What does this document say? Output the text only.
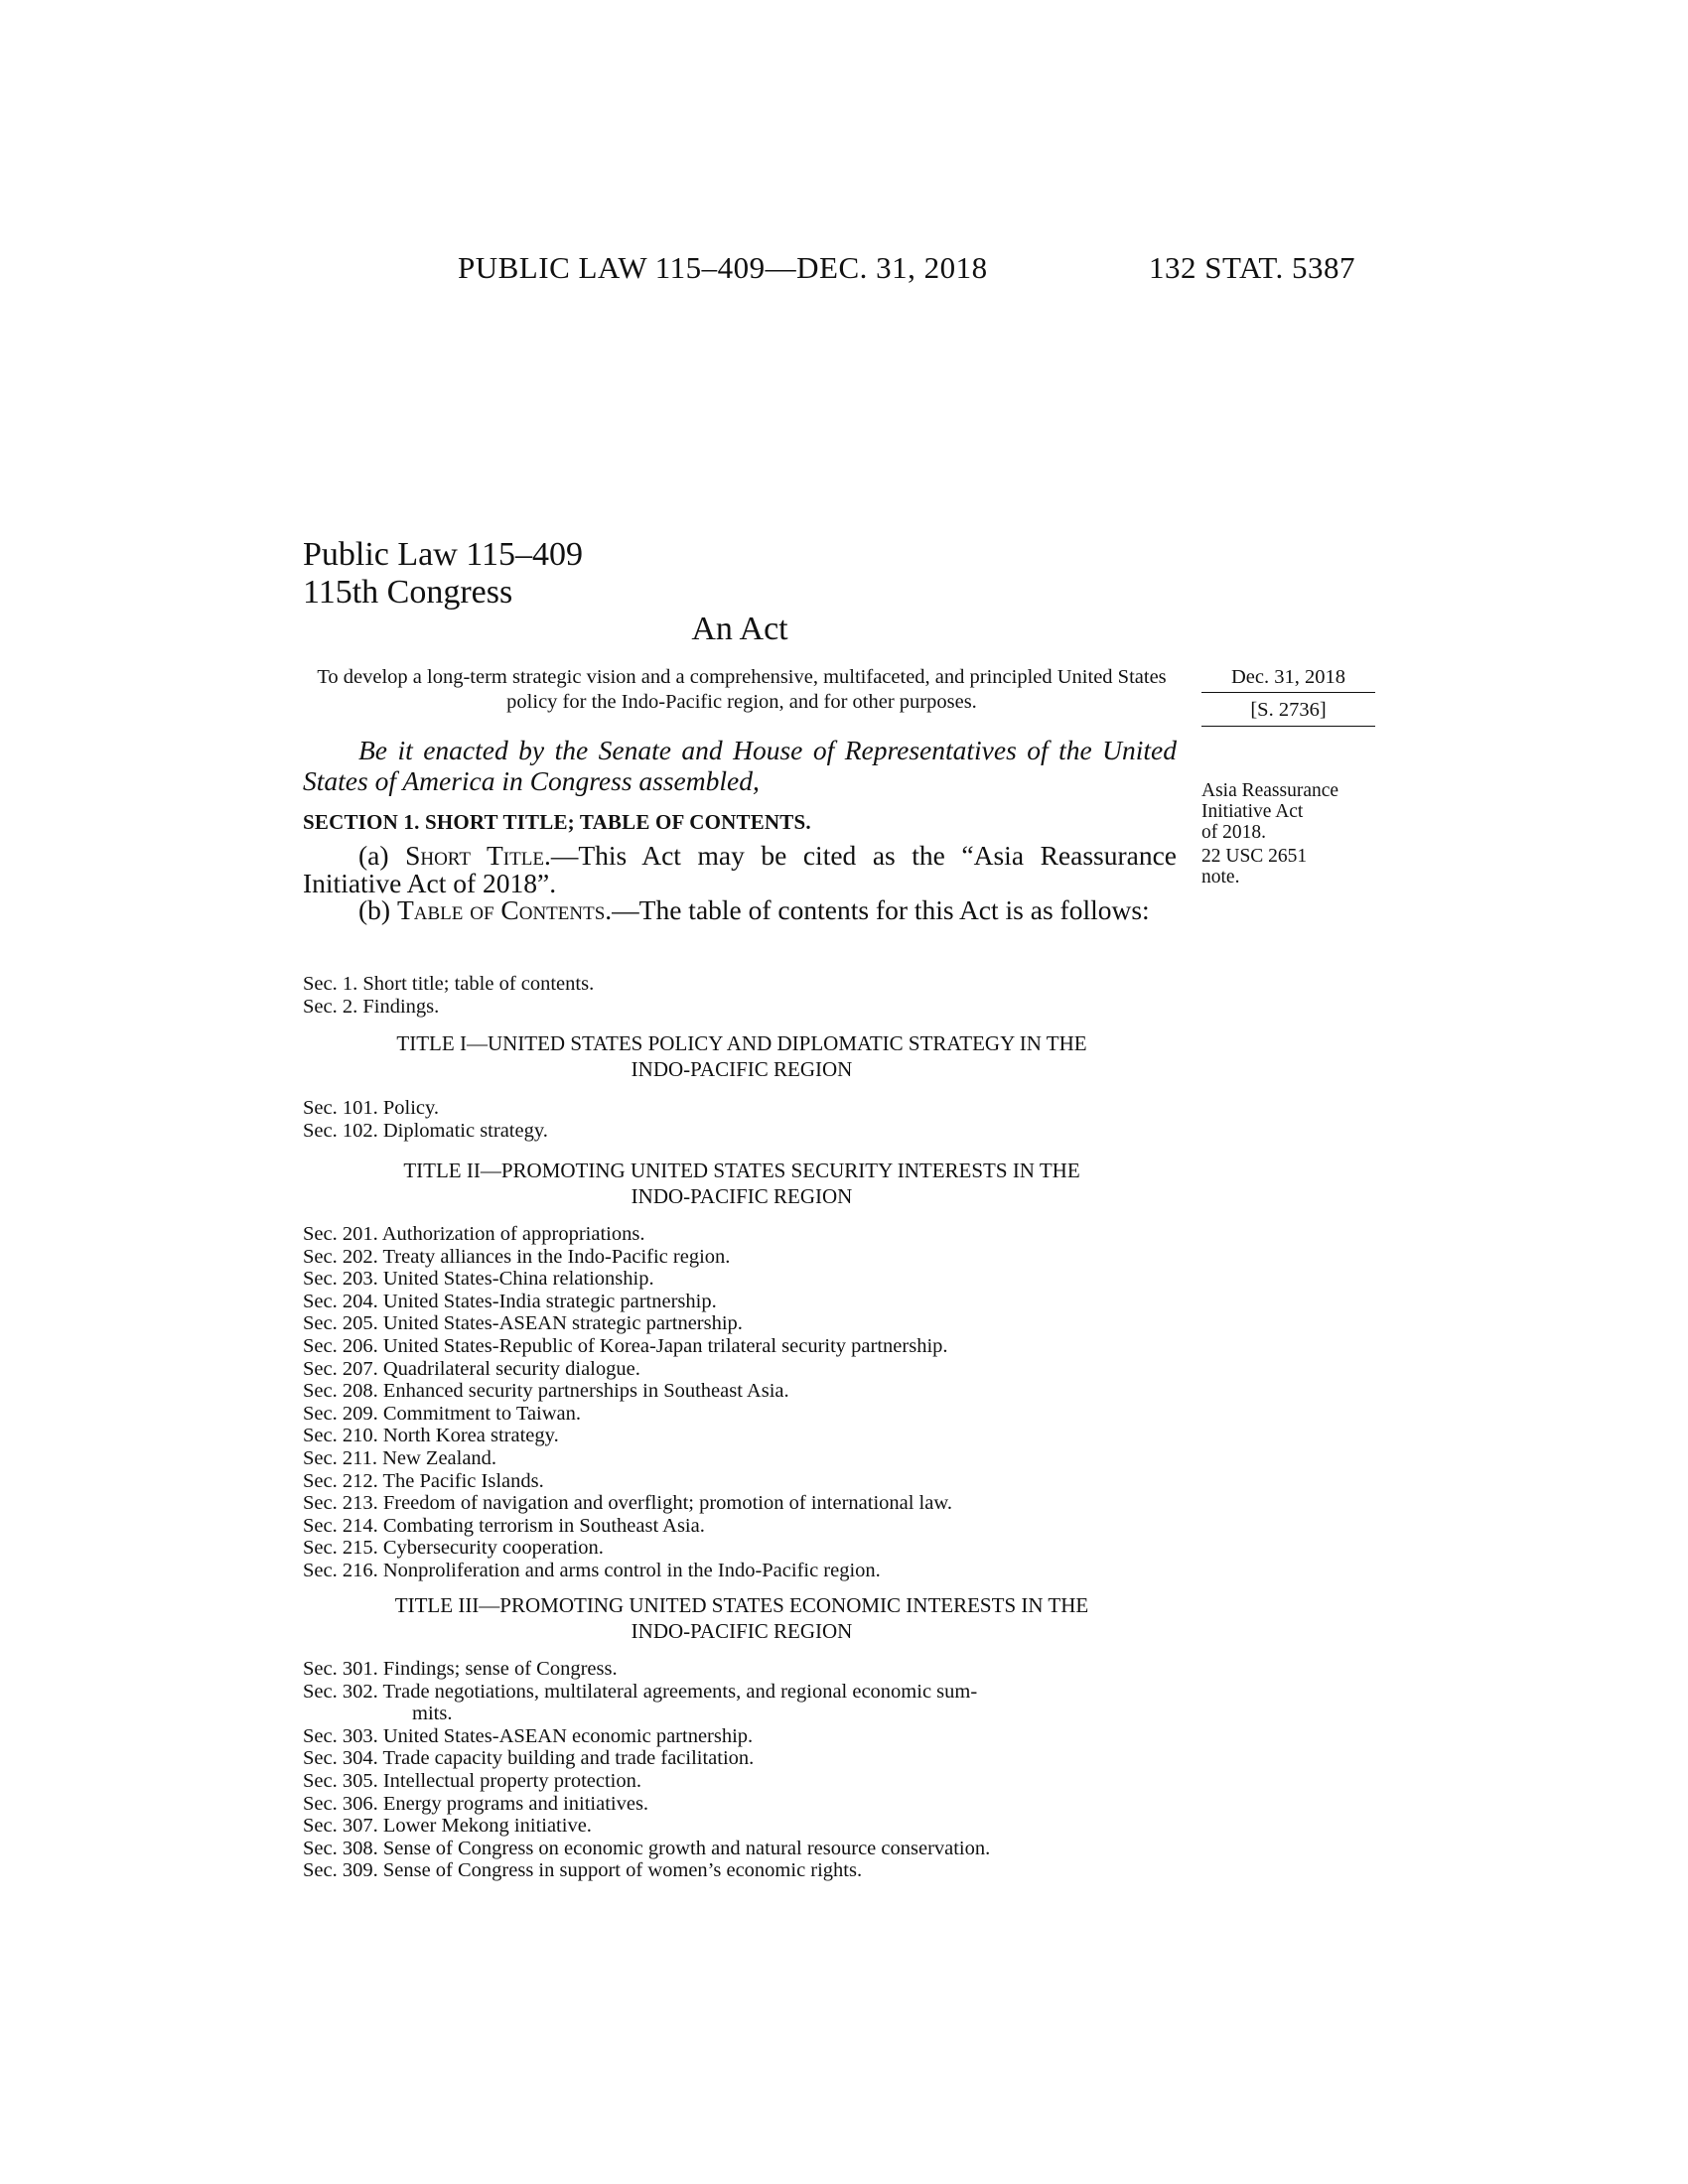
PUBLIC LAW 115–409—DEC. 31, 2018	132 STAT. 5387
Public Law 115–409
115th Congress
An Act
To develop a long-term strategic vision and a comprehensive, multifaceted, and principled United States policy for the Indo-Pacific region, and for other purposes.
Dec. 31, 2018
[S. 2736]
Be it enacted by the Senate and House of Representatives of the United States of America in Congress assembled,	Asia Reassurance
Initiative Act
of 2018.
SECTION 1. SHORT TITLE; TABLE OF CONTENTS.
22 USC 2651
note.
(a) Short Title.—This Act may be cited as the “Asia Reassurance Initiative Act of 2018”.
(b) Table of Contents.—The table of contents for this Act is as follows:
Sec. 1. Short title; table of contents.
Sec. 2. Findings.
TITLE I—UNITED STATES POLICY AND DIPLOMATIC STRATEGY IN THE
INDO-PACIFIC REGION
Sec. 101. Policy.
Sec. 102. Diplomatic strategy.
TITLE II—PROMOTING UNITED STATES SECURITY INTERESTS IN THE
INDO-PACIFIC REGION
Sec. 201. Authorization of appropriations.
Sec. 202. Treaty alliances in the Indo-Pacific region.
Sec. 203. United States-China relationship.
Sec. 204. United States-India strategic partnership.
Sec. 205. United States-ASEAN strategic partnership.
Sec. 206. United States-Republic of Korea-Japan trilateral security partnership.
Sec. 207. Quadrilateral security dialogue.
Sec. 208. Enhanced security partnerships in Southeast Asia.
Sec. 209. Commitment to Taiwan.
Sec. 210. North Korea strategy.
Sec. 211. New Zealand.
Sec. 212. The Pacific Islands.
Sec. 213. Freedom of navigation and overflight; promotion of international law.
Sec. 214. Combating terrorism in Southeast Asia.
Sec. 215. Cybersecurity cooperation.
Sec. 216. Nonproliferation and arms control in the Indo-Pacific region.
TITLE III—PROMOTING UNITED STATES ECONOMIC INTERESTS IN THE
INDO-PACIFIC REGION
Sec. 301. Findings; sense of Congress.
Sec. 302. Trade negotiations, multilateral agreements, and regional economic sum-
mits.
Sec. 303. United States-ASEAN economic partnership.
Sec. 304. Trade capacity building and trade facilitation.
Sec. 305. Intellectual property protection.
Sec. 306. Energy programs and initiatives.
Sec. 307. Lower Mekong initiative.
Sec. 308. Sense of Congress on economic growth and natural resource conservation.
Sec. 309. Sense of Congress in support of women’s economic rights.
